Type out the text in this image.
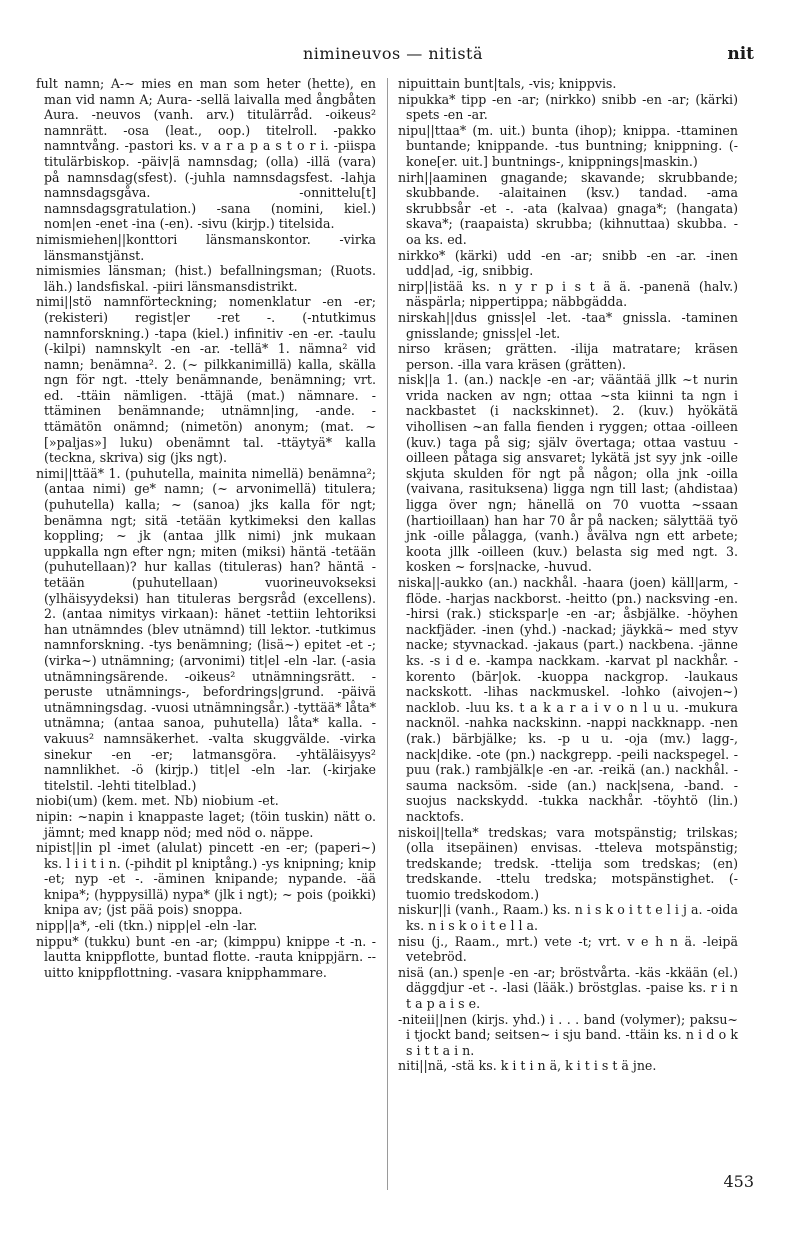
nimineuvos — nitistä	nit

fult namn; A-~ mies en man som heter (hette), en man vid namn A; Aura- -sellä laivalla med ångbåten Aura. -neuvos (vanh. arv.) titulärråd. -oikeus² namnrätt. -osa (leat., oop.) titelroll. -pakko namntvång. -pastori ks. v a r a p a s t o r i. -piispa titulärbiskop. -päiv|ä namnsdag; (olla) -illä (vara) på namnsdag(sfest). (-juhla namnsdagsfest. -lahja namnsdagsgåva. -onnittelu[t] namnsdagsgratulation.) -sana (nomini, kiel.) nom|en -enet -ina (-en). -sivu (kirjp.) titelsida.

nimismiehen||konttori länsmanskontor. -virka länsmanstjänst.

nimismies länsman; (hist.) befallningsman; (Ruots. läh.) landsfiskal. -piiri länsmansdistrikt.

nimi||stö namnförteckning; nomenklatur -en -er; (rekisteri) regist|er -ret -. (-ntutkimus namnforskning.) -tapa (kiel.) infinitiv -en -er. -taulu (-kilpi) namnskylt -en -ar. -tellä* 1. nämna² vid namn; benämna². 2. (~ pilkkanimillä) kalla, skälla ngn för ngt. -ttely benämnande, benämning; vrt. ed. -ttäin nämligen. -ttäjä (mat.) nämnare. -ttäminen benämnande; utnämn|ing, -ande. -ttämätön onämnd; (nimetön) anonym; (mat. ~ [»paljas»] luku) obenämnt tal. -ttäytyä* kalla (teckna, skriva) sig (jks ngt).

nimi||ttää* 1. (puhutella, mainita nimellä) benämna²; (antaa nimi) ge* namn; (~ arvonimellä) titulera; (puhutella) kalla; ~ (sanoa) jks kalla för ngt; benämna ngt; sitä -tetään kytkimeksi den kallas koppling; ~ jk (antaa jllk nimi) jnk mukaan uppkalla ngn efter ngn; miten (miksi) häntä -tetään (puhutellaan)? hur kallas (tituleras) han? häntä -tetään (puhutellaan) vuorineuvokseksi (ylhäisyydeksi) han tituleras bergsråd (excellens). 2. (antaa nimitys virkaan): hänet -tettiin lehtoriksi han utnämndes (blev utnämnd) till lektor. -tutkimus namnforskning. -tys benämning; (lisä~) epitet -et -; (virka~) utnämning; (arvonimi) tit|el -eln -lar. (-asia utnämningsärende. -oikeus² utnämningsrätt. -peruste utnämnings-, befordrings|grund. -päivä utnämningsdag. -vuosi utnämningsår.) -tyttää* låta* utnämna; (antaa sanoa, puhutella) låta* kalla. -vakuus² namnsäkerhet. -valta skuggvälde. -virka sinekur -en -er; latmansgöra. -yhtäläisyys² namnlikhet. -ö (kirjp.) tit|el -eln -lar. (-kirjake titelstil. -lehti titelblad.)

niobi(um) (kem. met. Nb) niobium -et.

nipin: ~napin i knappaste laget; (töin tuskin) nätt o. jämnt; med knapp nöd; med nöd o. näppe.

nipist||in pl -imet (alulat) pincett -en -er; (paperi~) ks. l i i t i n. (-pihdit pl kniptång.) -ys knipning; knip -et; nyp -et -. -äminen knipande; nypande. -ää knipa*; (hyppysillä) nypa* (jlk i ngt); ~ pois (poikki) knipa av; (jst pää pois) snoppa.

nipp||a*, -eli (tkn.) nipp|el -eln -lar.

nippu* (tukku) bunt -en -ar; (kimppu) knippe -t -n. -lautta knippflotte, buntad flotte. -rauta knippjärn. --uitto knippflottning. -vasara knipphammare.

nipuittain bunt|tals, -vis; knippvis.

nipukka* tipp -en -ar; (nirkko) snibb -en -ar; (kärki) spets -en -ar.

nipu||ttaa* (m. uit.) bunta (ihop); knippa. -ttaminen buntande; knippande. -tus buntning; knippning. (-kone[er. uit.] buntnings-, knippnings|maskin.)

nirh||aaminen gnagande; skavande; skrubbande; skubbande. -alaitainen (ksv.) tandad. -ama skrubbsår -et -. -ata (kalvaa) gnaga*; (hangata) skava*; (raapaista) skrubba; (kihnuttaa) skubba. -oa ks. ed.

nirkko* (kärki) udd -en -ar; snibb -en -ar. -inen udd|ad, -ig, snibbig.

nirp||istää ks. n y r p i s t ä ä. -panenä (halv.) näspärla; nippertippa; näbbgädda.

nirskah||dus gniss|el -let. -taa* gnissla. -taminen gnisslande; gniss|el -let.

nirso kräsen; grätten. -ilija matratare; kräsen person. -illa vara kräsen (grätten).

nisk||a 1. (an.) nack|e -en -ar; vääntää jllk ~t nurin vrida nacken av ngn; ottaa ~sta kiinni ta ngn i nackbastet (i nackskinnet). 2. (kuv.) hyökätä vihollisen ~an falla fienden i ryggen; ottaa -oilleen (kuv.) taga på sig; själv övertaga; ottaa vastuu -oilleen påtaga sig ansvaret; lykätä jst syy jnk -oille skjuta skulden för ngt på någon; olla jnk -oilla (vaivana, rasituksena) ligga ngn till last; (ahdistaa) ligga över ngn; hänellä on 70 vuotta ~ssaan (hartioillaan) han har 70 år på nacken; sälyttää työ jnk -oille pålagga, (vanh.) åvälva ngn ett arbete; koota jllk -oilleen (kuv.) belasta sig med ngt. 3. kosken ~ fors|nacke, -huvud.

niska||-aukko (an.) nackhål. -haara (joen) käll|arm, -flöde. -harjas nackborst. -heitto (pn.) nacksving -en. -hirsi (rak.) stickspar|e -en -ar; åsbjälke. -höyhen nackfjäder. -inen (yhd.) -nackad; jäykkä~ med styv nacke; styvnackad. -jakaus (part.) nackbena. -jänne ks. -s i d e. -kampa nackkam. -karvat pl nackhår. -korento (bär|ok. -kuoppa nackgrop. -laukaus nackskott. -lihas nackmuskel. -lohko (aivojen~) nacklob. -luu ks. t a k a r a i v o n l u u. -mukura nacknöl. -nahka nackskinn. -nappi nackknapp. -nen (rak.) bärbjälke; ks. -p u u. -oja (mv.) lagg-, nack|dike. -ote (pn.) nackgrepp. -peili nackspegel. -puu (rak.) rambjälk|e -en -ar. -reikä (an.) nackhål. -sauma nacksöm. -side (an.) nack|sena, -band. -suojus nackskydd. -tukka nackhår. -töyhtö (lin.) nacktofs.

niskoi||tella* tredskas; vara motspänstig; trilskas; (olla itsepäinen) envisas. -tteleva motspänstig; tredskande; tredsk. -ttelija som tredskas; (en) tredskande. -ttelu tredska; motspänstighet. (-tuomio tredskodom.)

niskur||i (vanh., Raam.) ks. n i s k o i t t e l i j a. -oida ks. n i s k o i t e l l a.

nisu (j., Raam., mrt.) vete -t; vrt. v e h n ä. -leipä vetebröd.

nisä (an.) spen|e -en -ar; bröstvårta. -käs -kkään (el.) däggdjur -et -. -lasi (lääk.) bröstglas. -paise ks. r i n t a p a i s e.

-niteii||nen (kirjs. yhd.) i . . . band (volymer); paksu~ i tjockt band; seitsen~ i sju band. -ttäin ks. n i d o k s i t t a i n.

niti||nä, -stä ks. k i t i n ä, k i t i s t ä jne.

453
